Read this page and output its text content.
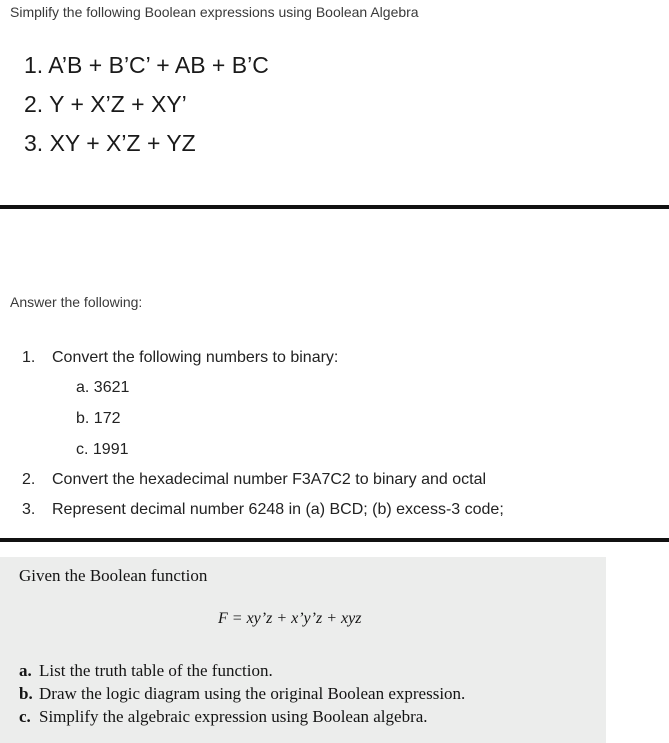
Simplify the following Boolean expressions using Boolean Algebra
1. A’B + B’C’ + AB + B’C
2. Y + X’Z + XY’
3. XY + X’Z + YZ
Answer the following:
1. Convert the following numbers to binary:
a. 3621
b. 172
c. 1991
2. Convert the hexadecimal number F3A7C2 to binary and octal
3. Represent decimal number 6248 in (a) BCD; (b) excess-3 code;
Given the Boolean function
F = xy’z + x’y’z + xyz
a. List the truth table of the function.
b. Draw the logic diagram using the original Boolean expression.
c. Simplify the algebraic expression using Boolean algebra.
